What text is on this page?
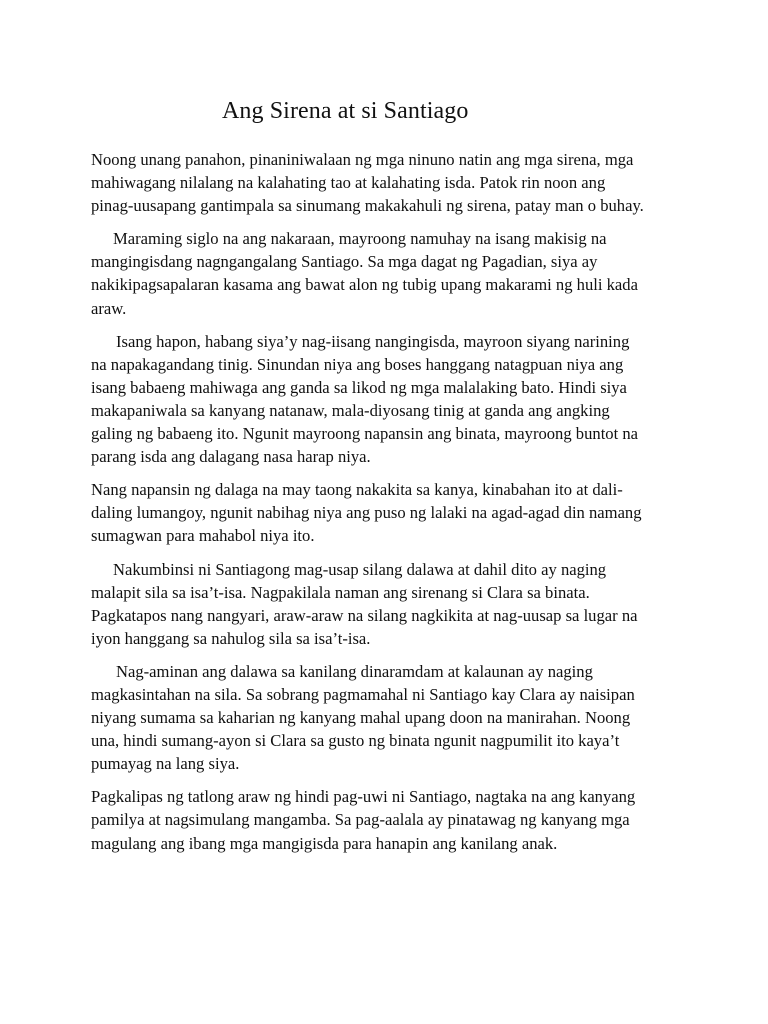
Ang Sirena at si Santiago

Noong unang panahon, pinaniniwalaan ng mga ninuno natin ang mga sirena, mga
mahiwagang nilalang na kalahating tao at kalahating isda. Patok rin noon ang
pinag-uusapang gantimpala sa sinumang makakahuli ng sirena, patay man o buhay.

Maraming siglo na ang nakaraan, mayroong namuhay na isang makisig na
mangingisdang nagngangalang Santiago. Sa mga dagat ng Pagadian, siya ay
nakikipagsapalaran kasama ang bawat alon ng tubig upang makarami ng huli kada
araw.

Isang hapon, habang siya’y nag-iisang nangingisda, mayroon siyang narining
na napakagandang tinig. Sinundan niya ang boses hanggang natagpuan niya ang
isang babaeng mahiwaga ang ganda sa likod ng mga malalaking bato. Hindi siya
makapaniwala sa kanyang natanaw, mala-diyosang tinig at ganda ang angking
galing ng babaeng ito. Ngunit mayroong napansin ang binata, mayroong buntot na
parang isda ang dalagang nasa harap niya.

Nang napansin ng dalaga na may taong nakakita sa kanya, kinabahan ito at dali-
daling lumangoy, ngunit nabihag niya ang puso ng lalaki na agad-agad din namang
sumagwan para mahabol niya ito.

Nakumbinsi ni Santiagong mag-usap silang dalawa at dahil dito ay naging
malapit sila sa isa’t-isa. Nagpakilala naman ang sirenang si Clara sa binata.
Pagkatapos nang nangyari, araw-araw na silang nagkikita at nag-uusap sa lugar na
iyon hanggang sa nahulog sila sa isa’t-isa.

Nag-aminan ang dalawa sa kanilang dinaramdam at kalaunan ay naging
magkasintahan na sila. Sa sobrang pagmamahal ni Santiago kay Clara ay naisipan
niyang sumama sa kaharian ng kanyang mahal upang doon na manirahan. Noong
una, hindi sumang-ayon si Clara sa gusto ng binata ngunit nagpumilit ito kaya’t
pumayag na lang siya.

Pagkalipas ng tatlong araw ng hindi pag-uwi ni Santiago, nagtaka na ang kanyang
pamilya at nagsimulang mangamba. Sa pag-aalala ay pinatawag ng kanyang mga
magulang ang ibang mga mangigisda para hanapin ang kanilang anak.
